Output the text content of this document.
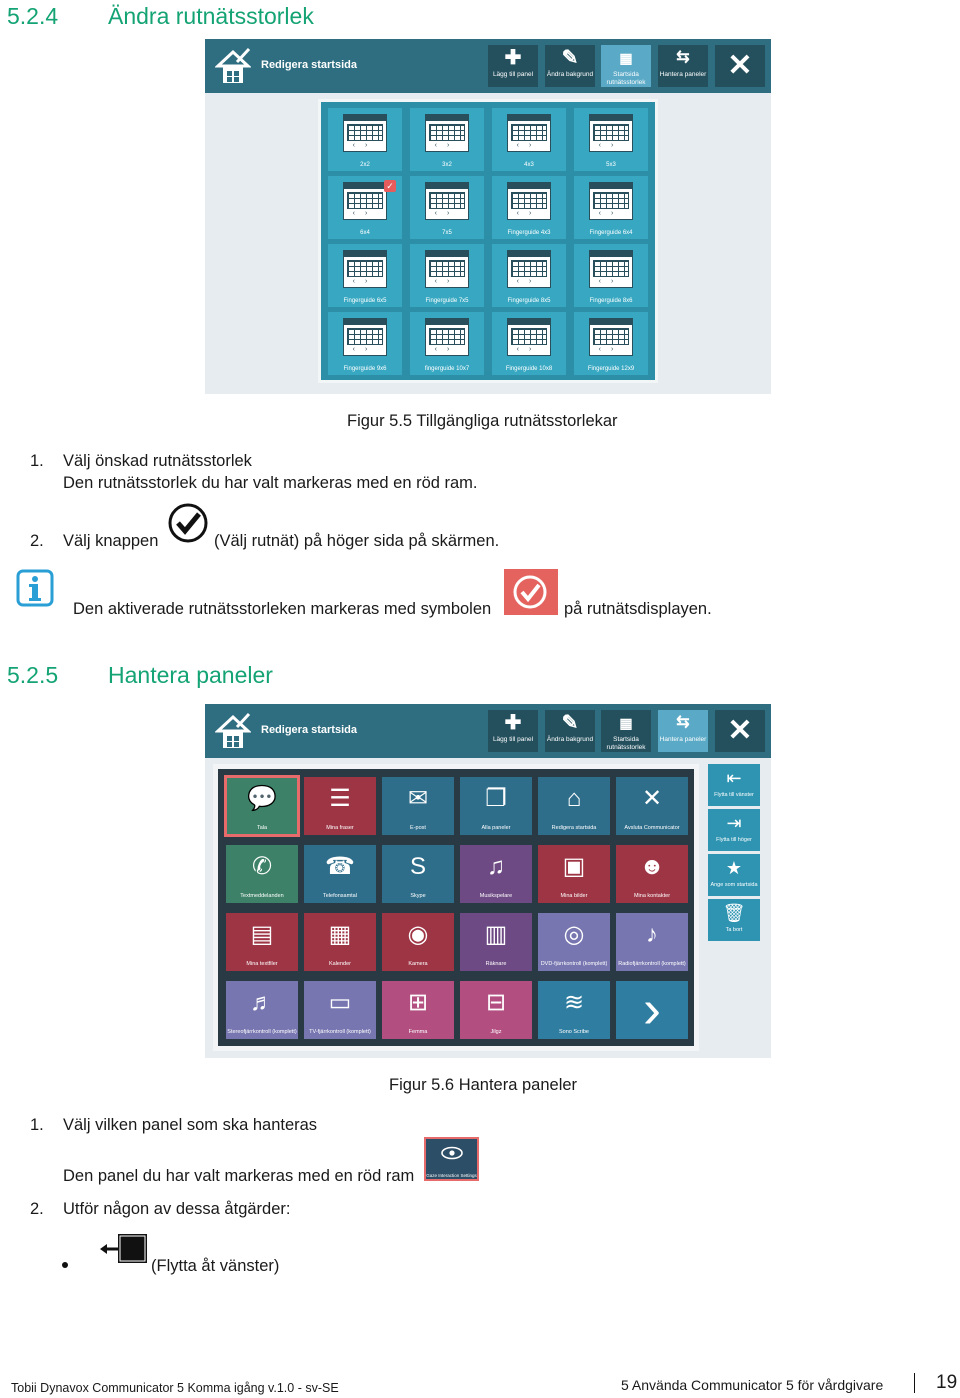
5.2.4 Ändra rutnätsstorlek
Redigera startsida	✚
Lägg till panel
✎
Ändra bakgrund
▦
Startsida rutnätsstorlek
⇆
Hantera paneler ✕
‹›
2x2
‹›
3x2
‹›
4x3
‹›
5x3
‹›
✓
6x4
‹›
7x5
‹›
Fingerguide 4x3
‹›
Fingerguide 6x4
‹›
Fingerguide 6x5
‹›
Fingerguide 7x5
‹›
Fingerguide 8x5
‹›
Fingerguide 8x6
‹›
Fingerguide 9x6
‹›
fingerguide 10x7
‹›
Fingerguide 10x8
‹›
Fingerguide 12x9
Figur 5.5 Tillgängliga rutnätsstorlekar
1. Välj önskad rutnätsstorlek
Den rutnätsstorlek du har valt markeras med en röd ram.
2. Välj knappen	(Välj rutnät) på höger sida på skärmen.
Den aktiverade rutnätsstorleken markeras med symbolen	på rutnätsdisplayen.
5.2.5 Hantera paneler
Redigera startsida	✚
Lägg till panel
✎
Ändra bakgrund
▦
Startsida rutnätsstorlek
⇆
Hantera paneler ✕
💬
Tala
☰
Mina fraser
✉
E-post
❐
Alla paneler
⌂
Redigera startsida
✕
Avsluta Communicator
✆
Textmeddelanden
☎
Telefonsamtal
S
Skype
♫
Musikspelare
▣
Mina bilder
☻
Mina kontakter
▤
Mina textfiler
▦
Kalender
◉
Kamera
▥
Räknare
◎
DVD-fjärrkontroll (komplett)
♪
Radiofjärrkontroll (komplett)
♬
Stereofjärrkontroll (komplett)
▭
TV-fjärrkontroll (komplett)
⊞
Femma
⊟
Jilgz
≋
Sono Scribe	›
⇤
Flytta till vänster
⇥
Flytta till höger
★
Ange som startsida
🗑
Ta bort
Figur 5.6 Hantera paneler
1. Välj vilken panel som ska hanteras
Den panel du har valt markeras med en röd ram	Gaze Interaction Settings
2. Utför någon av dessa åtgärder:
(Flytta åt vänster)
Tobii Dynavox Communicator 5 Komma igång v.1.0 - sv-SE	5 Använda Communicator 5 för vårdgivare	19
